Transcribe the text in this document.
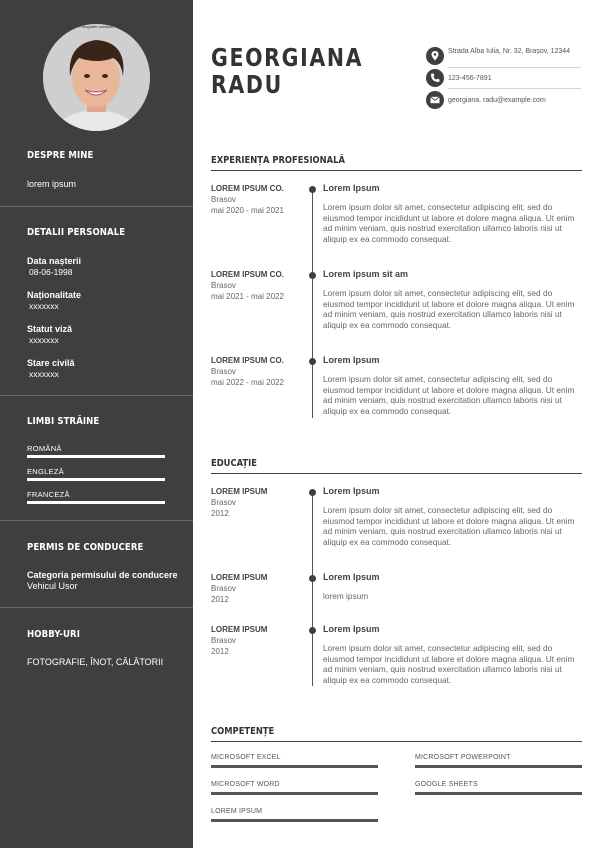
Fotografie candidat
DESPRE MINE
lorem ipsum
DETALII PERSONALE
Data nașterii
08-06-1998
Naționalitate
xxxxxxx
Statut viză
xxxxxxx
Stare civilă
xxxxxxx
LIMBI STRĂINE
ROMÂNĂ
ENGLEZĂ
FRANCEZĂ
PERMIS DE CONDUCERE
Categoria permisului de conducere
Vehicul Usor
HOBBY-URI
FOTOGRAFIE, ÎNOT, CĂLĂTORII
GEORGIANA
RADU
Strada Alba Iulia, Nr. 32, Brașov, 12344
123-456-7891
georgiana. radu@example.com
EXPERIENȚA PROFESIONALĂ
LOREM IPSUM CO.
Brasov
mai 2020 - mai 2021
Lorem Ipsum
Lorem ipsum dolor sit amet, consectetur adipiscing elit, sed do eiusmod tempor incididunt ut labore et dolore magna aliqua. Ut enim ad minim veniam, quis nostrud exercitation ullamco laboris nisi ut aliquip ex ea commodo consequat.
LOREM IPSUM CO.
Brasov
mai 2021 - mai 2022
Lorem ipsum sit am
Lorem ipsum dolor sit amet, consectetur adipiscing elit, sed do eiusmod tempor incididunt ut labore et dolore magna aliqua. Ut enim ad minim veniam, quis nostrud exercitation ullamco laboris nisi ut aliquip ex ea commodo consequat.
LOREM IPSUM CO.
Brasov
mai 2022 - mai 2022
Lorem Ipsum
Lorem ipsum dolor sit amet, consectetur adipiscing elit, sed do eiusmod tempor incididunt ut labore et dolore magna aliqua. Ut enim ad minim veniam, quis nostrud exercitation ullamco laboris nisi ut aliquip ex ea commodo consequat.
EDUCAȚIE
LOREM IPSUM
Brasov
2012
Lorem Ipsum
Lorem ipsum dolor sit amet, consectetur adipiscing elit, sed do eiusmod tempor incididunt ut labore et dolore magna aliqua. Ut enim ad minim veniam, quis nostrud exercitation ullamco laboris nisi ut aliquip ex ea commodo consequat.
LOREM IPSUM
Brasov
2012
Lorem Ipsum
lorem ipsum
LOREM IPSUM
Brasov
2012
Lorem Ipsum
Lorem ipsum dolor sit amet, consectetur adipiscing elit, sed do eiusmod tempor incididunt ut labore et dolore magna aliqua. Ut enim ad minim veniam, quis nostrud exercitation ullamco laboris nisi ut aliquip ex ea commodo consequat.
COMPETENȚE
MICROSOFT EXCEL	MICROSOFT POWERPOINT
MICROSOFT WORD	GOOGLE SHEETS
LOREM IPSUM
